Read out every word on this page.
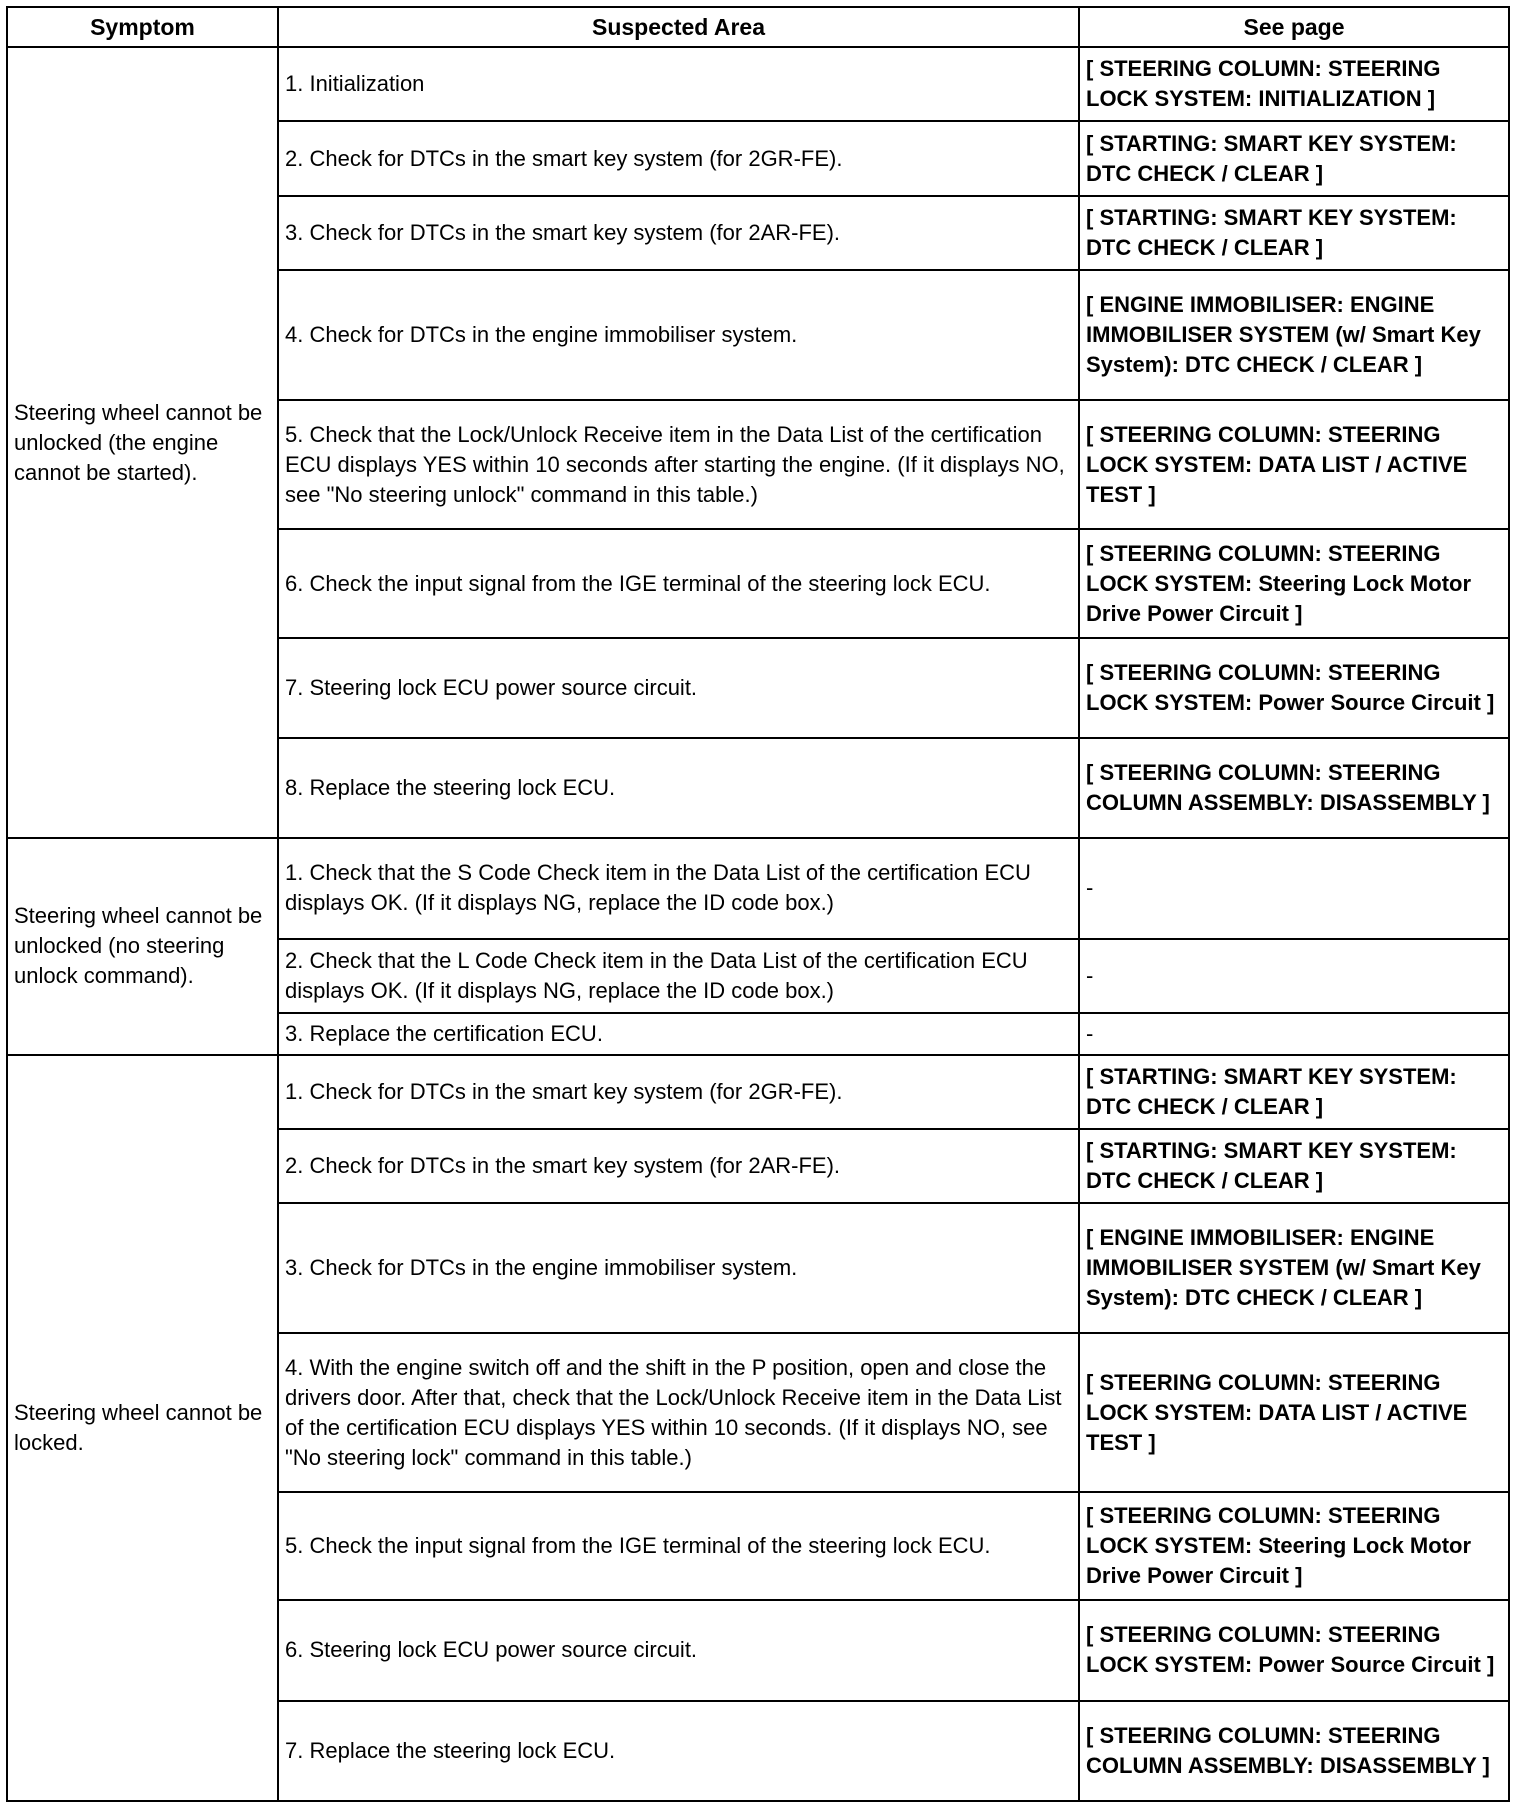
Symptom	Suspected Area	See page
Steering wheel cannot be unlocked (the engine cannot be started).	1. Initialization	[ STEERING COLUMN: STEERING LOCK SYSTEM: INITIALIZATION ]
	2. Check for DTCs in the smart key system (for 2GR-FE).	[ STARTING: SMART KEY SYSTEM: DTC CHECK / CLEAR ]
	3. Check for DTCs in the smart key system (for 2AR-FE).	[ STARTING: SMART KEY SYSTEM: DTC CHECK / CLEAR ]
	4. Check for DTCs in the engine immobiliser system.	[ ENGINE IMMOBILISER: ENGINE IMMOBILISER SYSTEM (w/ Smart Key System): DTC CHECK / CLEAR ]
	5. Check that the Lock/Unlock Receive item in the Data List of the certification ECU displays YES within 10 seconds after starting the engine. (If it displays NO, see "No steering unlock" command in this table.)	[ STEERING COLUMN: STEERING LOCK SYSTEM: DATA LIST / ACTIVE TEST ]
	6. Check the input signal from the IGE terminal of the steering lock ECU.	[ STEERING COLUMN: STEERING LOCK SYSTEM: Steering Lock Motor Drive Power Circuit ]
	7. Steering lock ECU power source circuit.	[ STEERING COLUMN: STEERING LOCK SYSTEM: Power Source Circuit ]
	8. Replace the steering lock ECU.	[ STEERING COLUMN: STEERING COLUMN ASSEMBLY: DISASSEMBLY ]
Steering wheel cannot be unlocked (no steering unlock command).	1. Check that the S Code Check item in the Data List of the certification ECU displays OK. (If it displays NG, replace the ID code box.)	-
	2. Check that the L Code Check item in the Data List of the certification ECU displays OK. (If it displays NG, replace the ID code box.)	-
	3. Replace the certification ECU.	-
Steering wheel cannot be locked.	1. Check for DTCs in the smart key system (for 2GR-FE).	[ STARTING: SMART KEY SYSTEM: DTC CHECK / CLEAR ]
	2. Check for DTCs in the smart key system (for 2AR-FE).	[ STARTING: SMART KEY SYSTEM: DTC CHECK / CLEAR ]
	3. Check for DTCs in the engine immobiliser system.	[ ENGINE IMMOBILISER: ENGINE IMMOBILISER SYSTEM (w/ Smart Key System): DTC CHECK / CLEAR ]
	4. With the engine switch off and the shift in the P position, open and close the drivers door. After that, check that the Lock/Unlock Receive item in the Data List of the certification ECU displays YES within 10 seconds. (If it displays NO, see "No steering lock" command in this table.)	[ STEERING COLUMN: STEERING LOCK SYSTEM: DATA LIST / ACTIVE TEST ]
	5. Check the input signal from the IGE terminal of the steering lock ECU.	[ STEERING COLUMN: STEERING LOCK SYSTEM: Steering Lock Motor Drive Power Circuit ]
	6. Steering lock ECU power source circuit.	[ STEERING COLUMN: STEERING LOCK SYSTEM: Power Source Circuit ]
	7. Replace the steering lock ECU.	[ STEERING COLUMN: STEERING COLUMN ASSEMBLY: DISASSEMBLY ]
